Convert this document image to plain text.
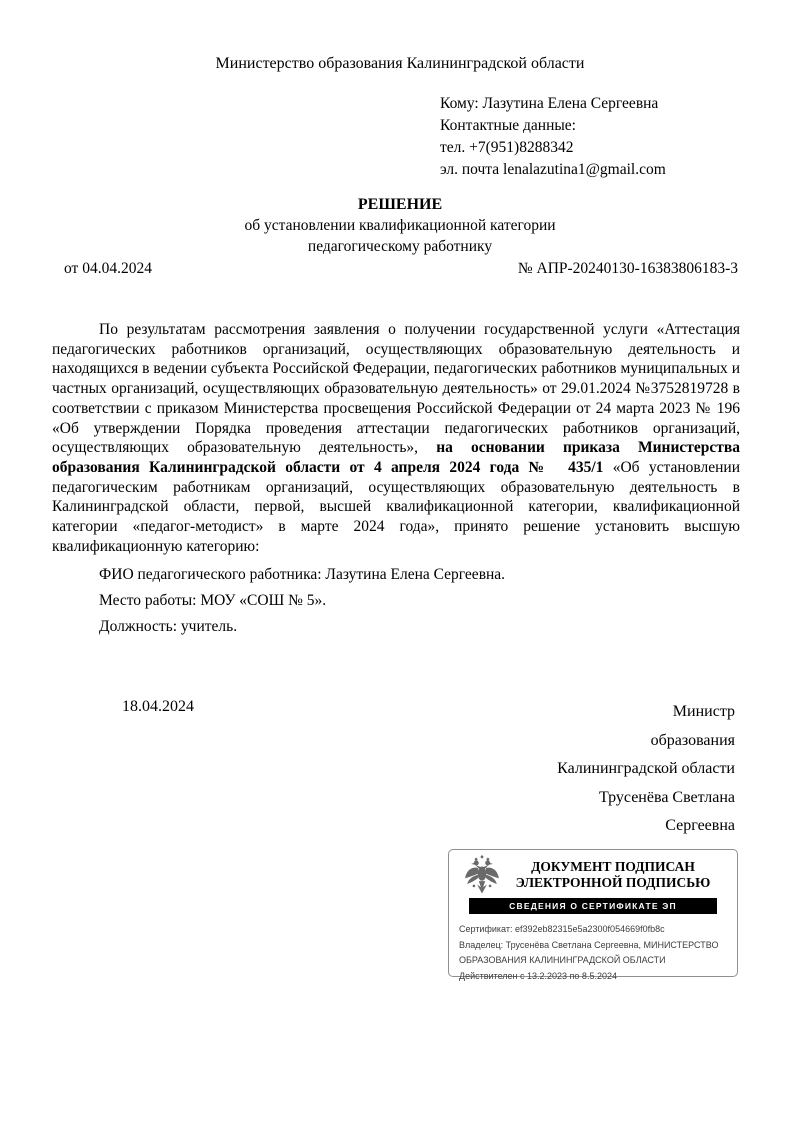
Министерство образования Калининградской области
Кому: Лазутина Елена Сергеевна
Контактные данные:
тел. +7(951)8288342
эл. почта lenalazutina1@gmail.com
РЕШЕНИЕ
об установлении квалификационной категории
педагогическому работнику
от 04.04.2024	№ АПР-20240130-16383806183-3

По результатам рассмотрения заявления о получении государственной услуги «Аттестация педагогических работников организаций, осуществляющих образовательную деятельность и находящихся в ведении субъекта Российской Федерации, педагогических работников муниципальных и частных организаций, осуществляющих образовательную деятельность» от 29.01.2024 №3752819728 в соответствии с приказом Министерства просвещения Российской Федерации от 24 марта 2023 № 196 «Об утверждении Порядка проведения аттестации педагогических работников организаций, осуществляющих образовательную деятельность», на основании приказа Министерства образования Калининградской области от 4 апреля 2024 года №  435/1 «Об установлении педагогическим работникам организаций, осуществляющих образовательную деятельность в Калининградской области, первой, высшей квалификационной категории, квалификационной категории «педагог-методист» в марте 2024 года», принято решение установить высшую квалификационную категорию:

ФИО педагогического работника: Лазутина Елена Сергеевна.

Место работы: МОУ «СОШ № 5».

Должность: учитель.

18.04.2024	Министр
образования
Калининградской области
Трусенёва Светлана
Сергеевна
ДОКУМЕНТ ПОДПИСАН
ЭЛЕКТРОННОЙ ПОДПИСЬЮ
СВЕДЕНИЯ О СЕРТИФИКАТЕ ЭП
Сертификат: ef392eb82315e5a2300f054669f0fb8c
Владелец: Трусенёва Светлана Сергеевна, МИНИСТЕРСТВО ОБРАЗОВАНИЯ КАЛИНИНГРАДСКОЙ ОБЛАСТИ
Действителен с 13.2.2023 по 8.5.2024
